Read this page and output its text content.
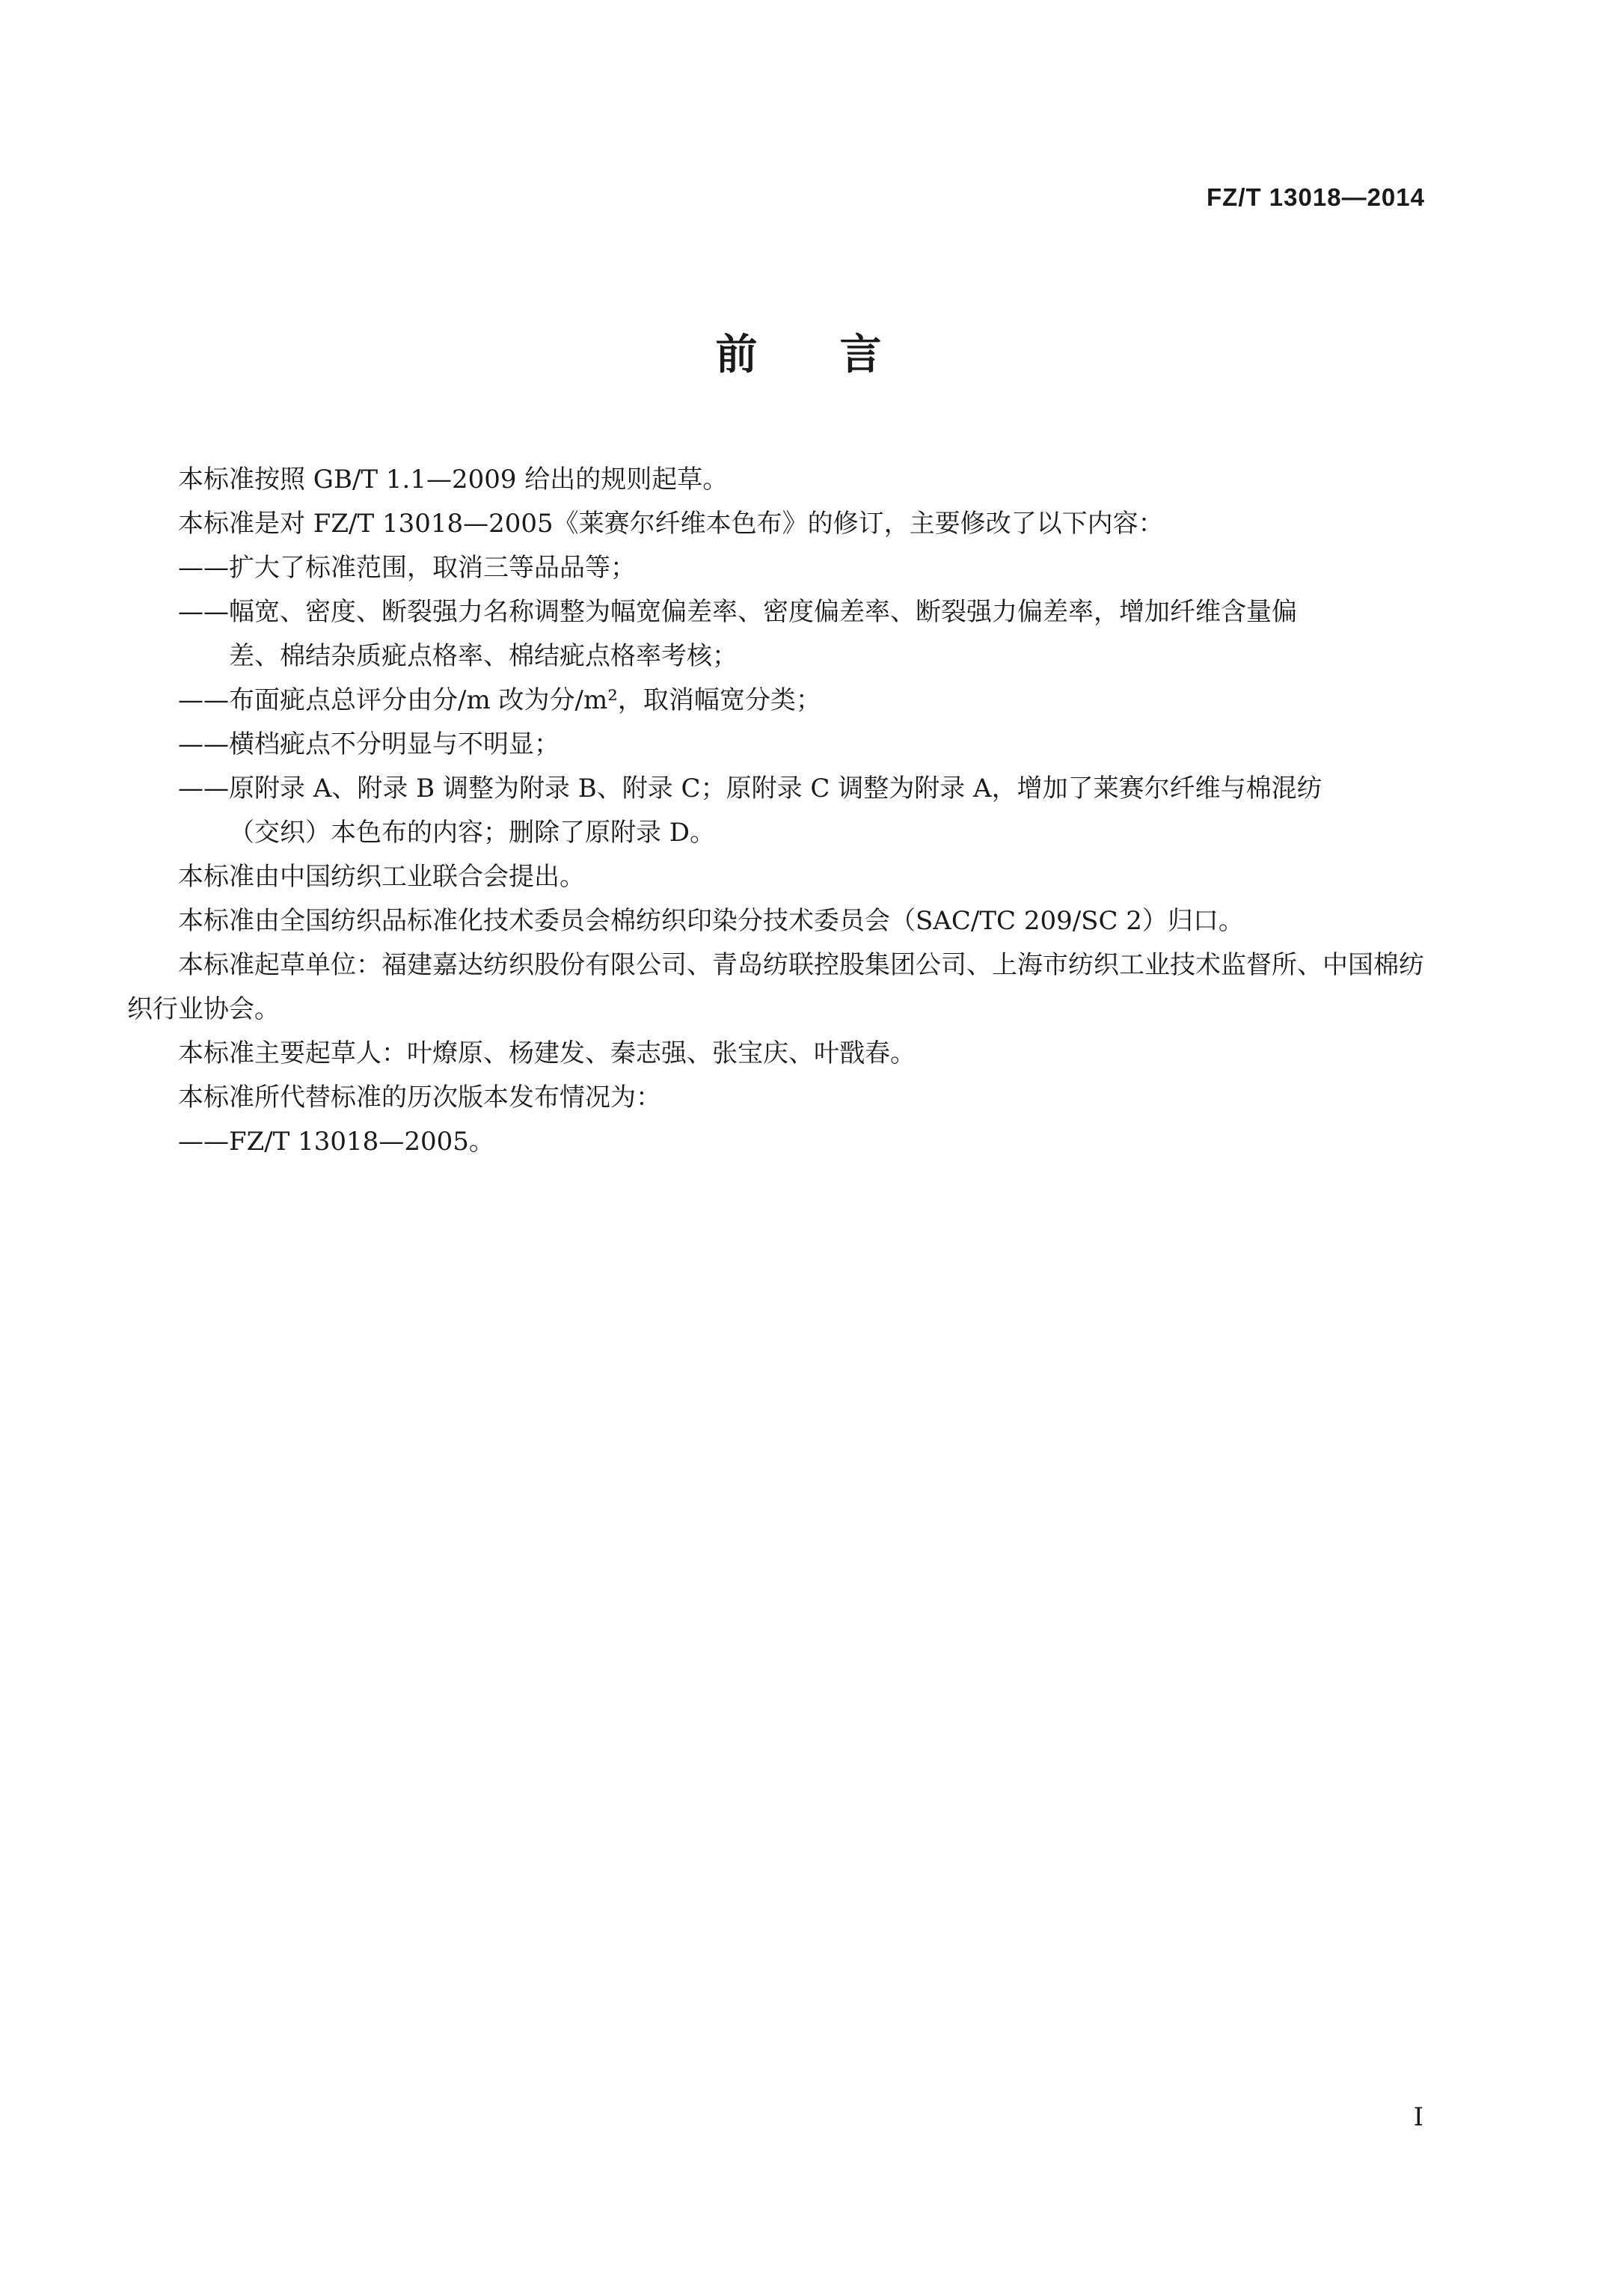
FZ/T 13018—2014
前言

本标准按照 GB/T 1.1—2009 给出的规则起草。

本标准是对 FZ/T 13018—2005《莱赛尔纤维本色布》的修订，主要修改了以下内容：

——扩大了标准范围，取消三等品品等；

——幅宽、密度、断裂强力名称调整为幅宽偏差率、密度偏差率、断裂强力偏差率，增加纤维含量偏

差、棉结杂质疵点格率、棉结疵点格率考核；

——布面疵点总评分由分/m 改为分/m²，取消幅宽分类；

——横档疵点不分明显与不明显；

——原附录 A、附录 B 调整为附录 B、附录 C；原附录 C 调整为附录 A，增加了莱赛尔纤维与棉混纺

（交织）本色布的内容；删除了原附录 D。

本标准由中国纺织工业联合会提出。

本标准由全国纺织品标准化技术委员会棉纺织印染分技术委员会（SAC/TC 209/SC 2）归口。

本标准起草单位：福建嘉达纺织股份有限公司、青岛纺联控股集团公司、上海市纺织工业技术监督所、中国棉纺织行业协会。

本标准主要起草人：叶燎原、杨建发、秦志强、张宝庆、叶戬春。

本标准所代替标准的历次版本发布情况为：

——FZ/T 13018—2005。

I
